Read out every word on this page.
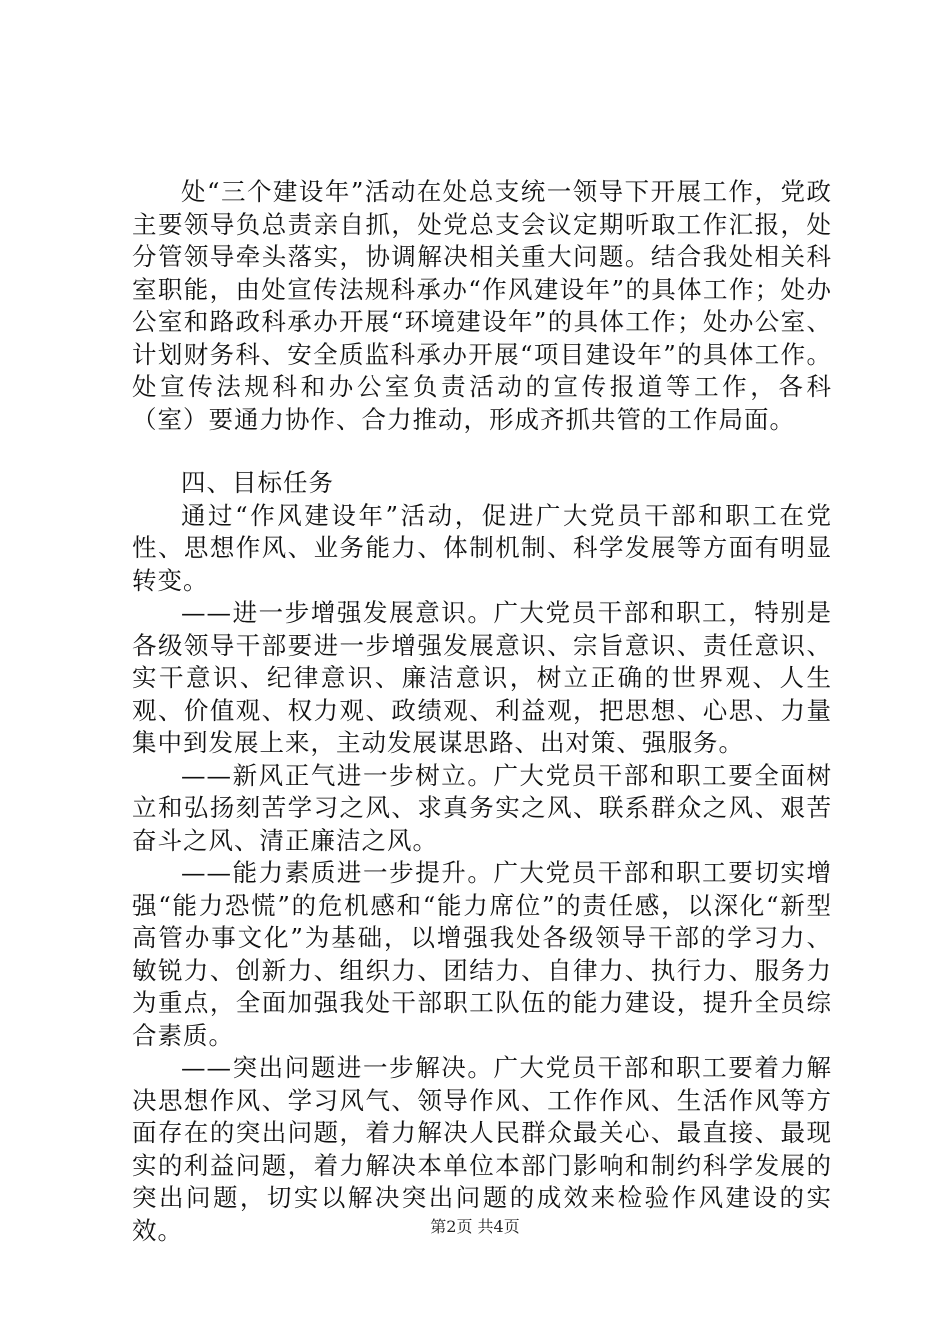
处“三个建设年”活动在处总支统一领导下开展工作，党政主要领导负总责亲自抓，处党总支会议定期听取工作汇报，处分管领导牵头落实，协调解决相关重大问题。结合我处相关科室职能，由处宣传法规科承办“作风建设年”的具体工作；处办公室和路政科承办开展“环境建设年”的具体工作；处办公室、计划财务科、安全质监科承办开展“项目建设年”的具体工作。处宣传法规科和办公室负责活动的宣传报道等工作，各科（室）要通力协作、合力推动，形成齐抓共管的工作局面。

四、目标任务

通过“作风建设年”活动，促进广大党员干部和职工在党性、思想作风、业务能力、体制机制、科学发展等方面有明显转变。

——进一步增强发展意识。广大党员干部和职工，特别是各级领导干部要进一步增强发展意识、宗旨意识、责任意识、实干意识、纪律意识、廉洁意识，树立正确的世界观、人生观、价值观、权力观、政绩观、利益观，把思想、心思、力量集中到发展上来，主动发展谋思路、出对策、强服务。

——新风正气进一步树立。广大党员干部和职工要全面树立和弘扬刻苦学习之风、求真务实之风、联系群众之风、艰苦奋斗之风、清正廉洁之风。

——能力素质进一步提升。广大党员干部和职工要切实增强“能力恐慌”的危机感和“能力席位”的责任感，以深化“新型高管办事文化”为基础，以增强我处各级领导干部的学习力、敏锐力、创新力、组织力、团结力、自律力、执行力、服务力为重点，全面加强我处干部职工队伍的能力建设，提升全员综合素质。

——突出问题进一步解决。广大党员干部和职工要着力解决思想作风、学习风气、领导作风、工作作风、生活作风等方面存在的突出问题，着力解决人民群众最关心、最直接、最现实的利益问题，着力解决本单位本部门影响和制约科学发展的突出问题，切实以解决突出问题的成效来检验作风建设的实效。	第2页 共4页
